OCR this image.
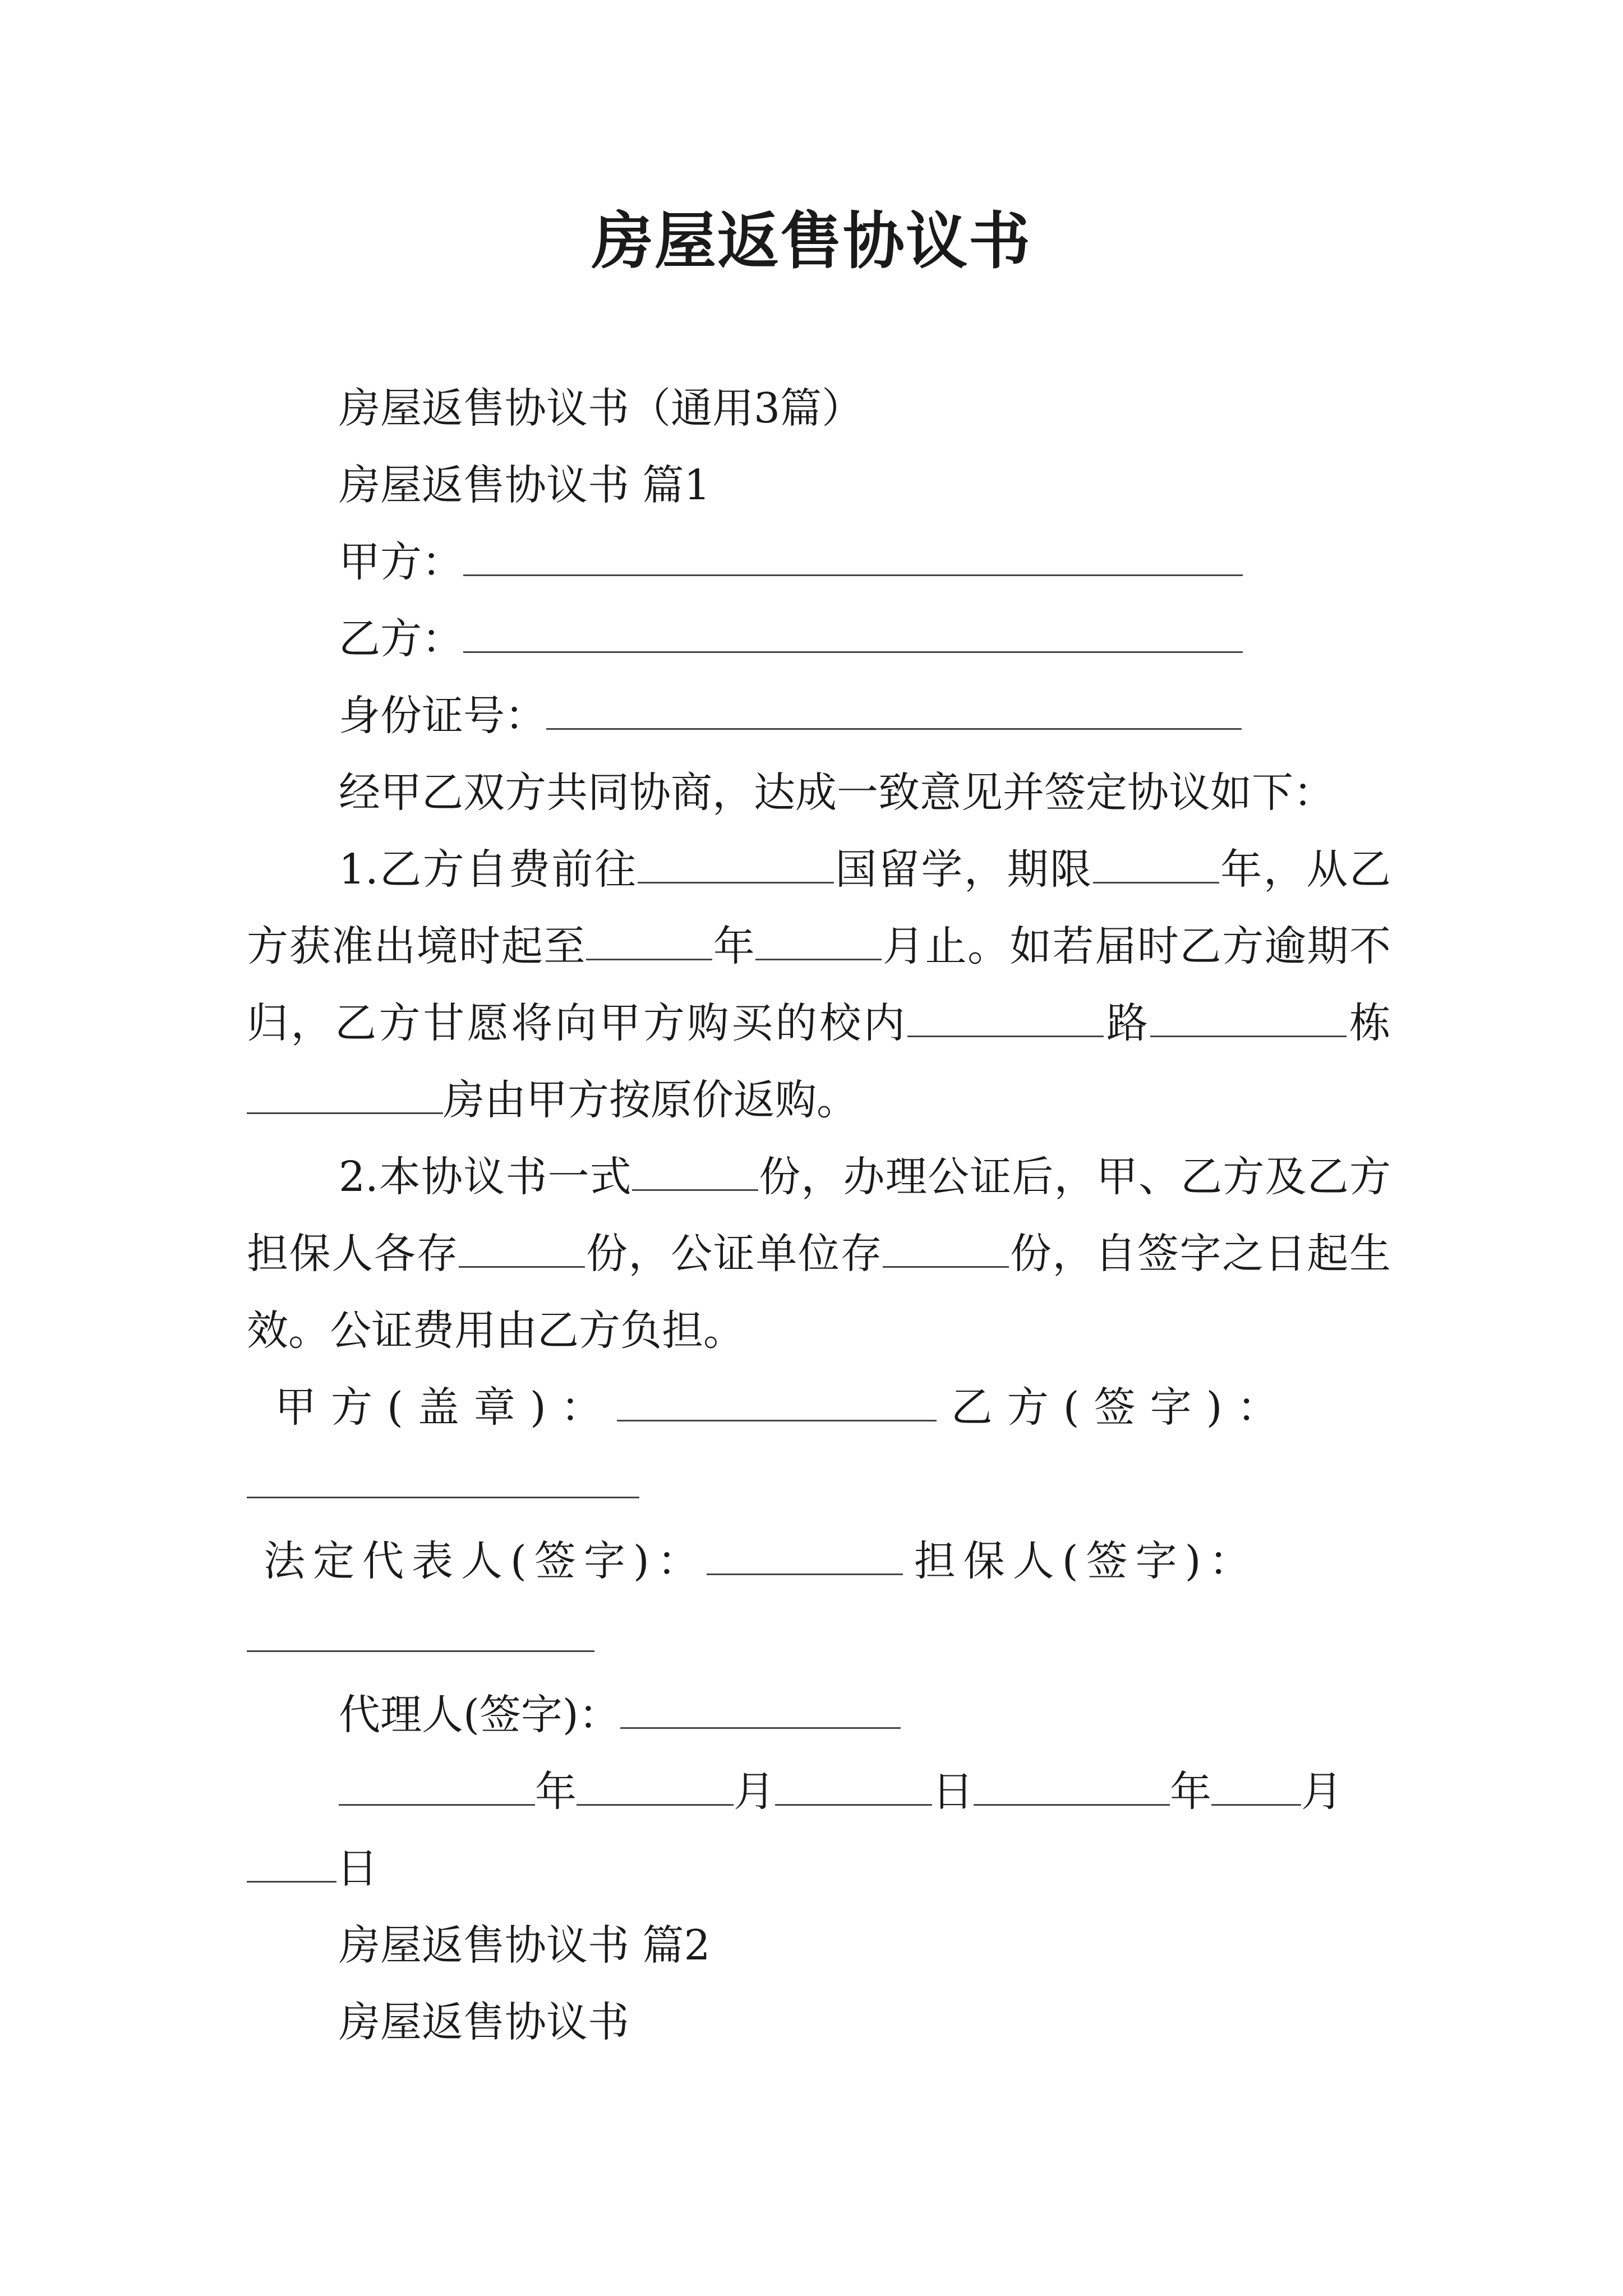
房屋返售协议书

房屋返售协议书（通用3篇）

房屋返售协议书 篇1

甲方：

乙方：

身份证号：

经甲乙双方共同协商，达成一致意见并签定协议如下：

1.乙方自费前往	国留学，期限	年，从乙方获准出境时起至	年	月止。如若届时乙方逾期不归，乙方甘愿将向甲方购买的校内	路	栋房由甲方按原价返购。

2.本协议书一式	份，办理公证后，甲、乙方及乙方担保人各存	份，公证单位存	份，自签字之日起生效。公证费用由乙方负担。

甲方(盖章)：	乙方(签字)：

法定代表人(签字)：	担保人(签字)：

代理人(签字)：

年	月	日	年 月

日

房屋返售协议书 篇2

房屋返售协议书
